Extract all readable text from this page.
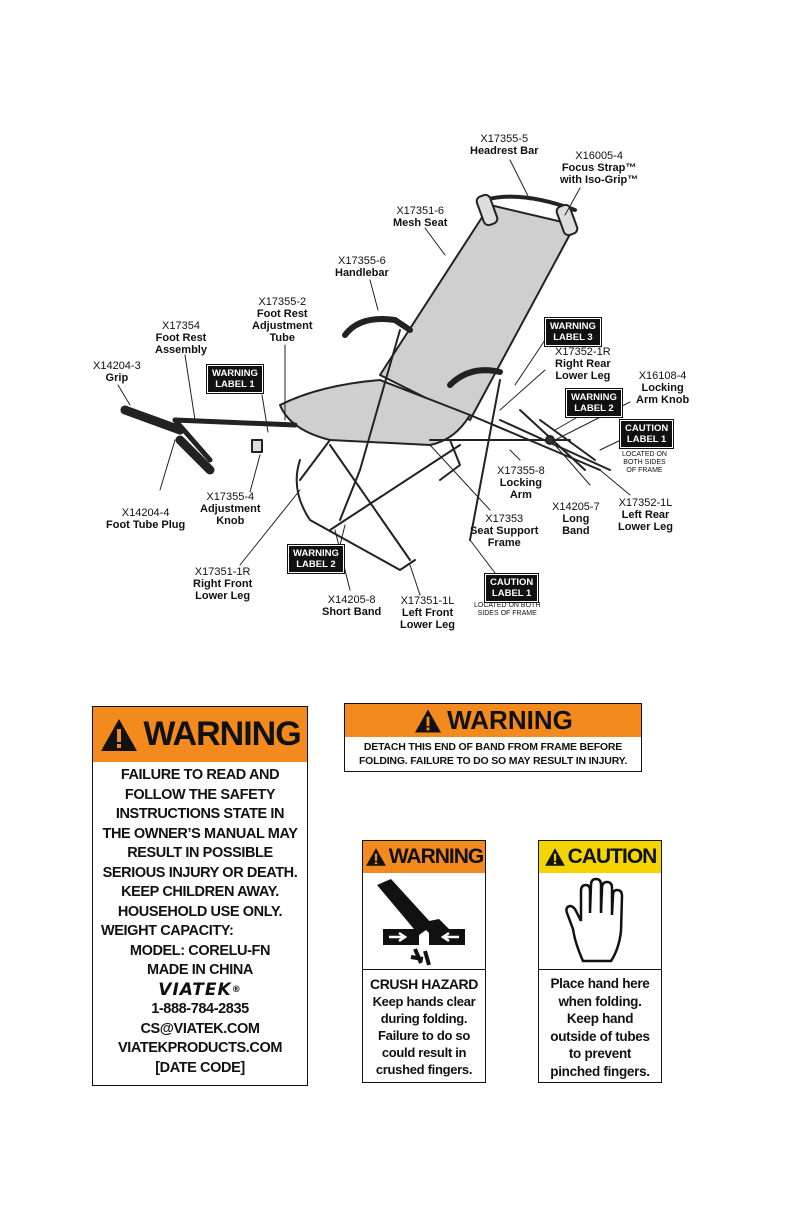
X17355-5
Headrest Bar	X16005-4
Focus Strap™
with Iso-Grip™
X17351-6
Mesh Seat
X17355-6
Handlebar
X17355-2
Foot Rest
Adjustment
Tube
X17354
Foot Rest
Assembly
X14204-3
Grip
X17352-1R
Right Rear
Lower Leg	X16108-4
Locking
Arm Knob
X17355-8
Locking
Arm
X14205-7
Long
Band
X17352-1L
Left Rear
Lower Leg
X17353
Seat Support
Frame
X14204-4
Foot Tube Plug
X17355-4
Adjustment
Knob
X17351-1R
Right Front
Lower Leg	X14205-8
Short Band
X17351-1L
Left Front
Lower Leg
WARNING
LABEL 1
WARNING
LABEL 3
WARNING
LABEL 2
CAUTION
LABEL 1
LOCATED ON
BOTH SIDES
OF FRAME
WARNING
LABEL 2
CAUTION
LABEL 1
LOCATED ON BOTH
SIDES OF FRAME
WARNING
FAILURE TO READ AND
FOLLOW THE SAFETY
INSTRUCTIONS STATE IN
THE OWNER’S MANUAL MAY
RESULT IN POSSIBLE
SERIOUS INJURY OR DEATH.
KEEP CHILDREN AWAY.
HOUSEHOLD USE ONLY.
WEIGHT CAPACITY:
MODEL: CORELU-FN
MADE IN CHINA
VIATEK®
1-888-784-2835
CS@VIATEK.COM
VIATEKPRODUCTS.COM
[DATE CODE]
WARNING
DETACH THIS END OF BAND FROM FRAME BEFORE
FOLDING. FAILURE TO DO SO MAY RESULT IN INJURY.
WARNING
CRUSH HAZARD
Keep hands clear
during folding.
Failure to do so
could result in
crushed fingers.
CAUTION
Place hand here
when folding.
Keep hand
outside of tubes
to prevent
pinched fingers.
